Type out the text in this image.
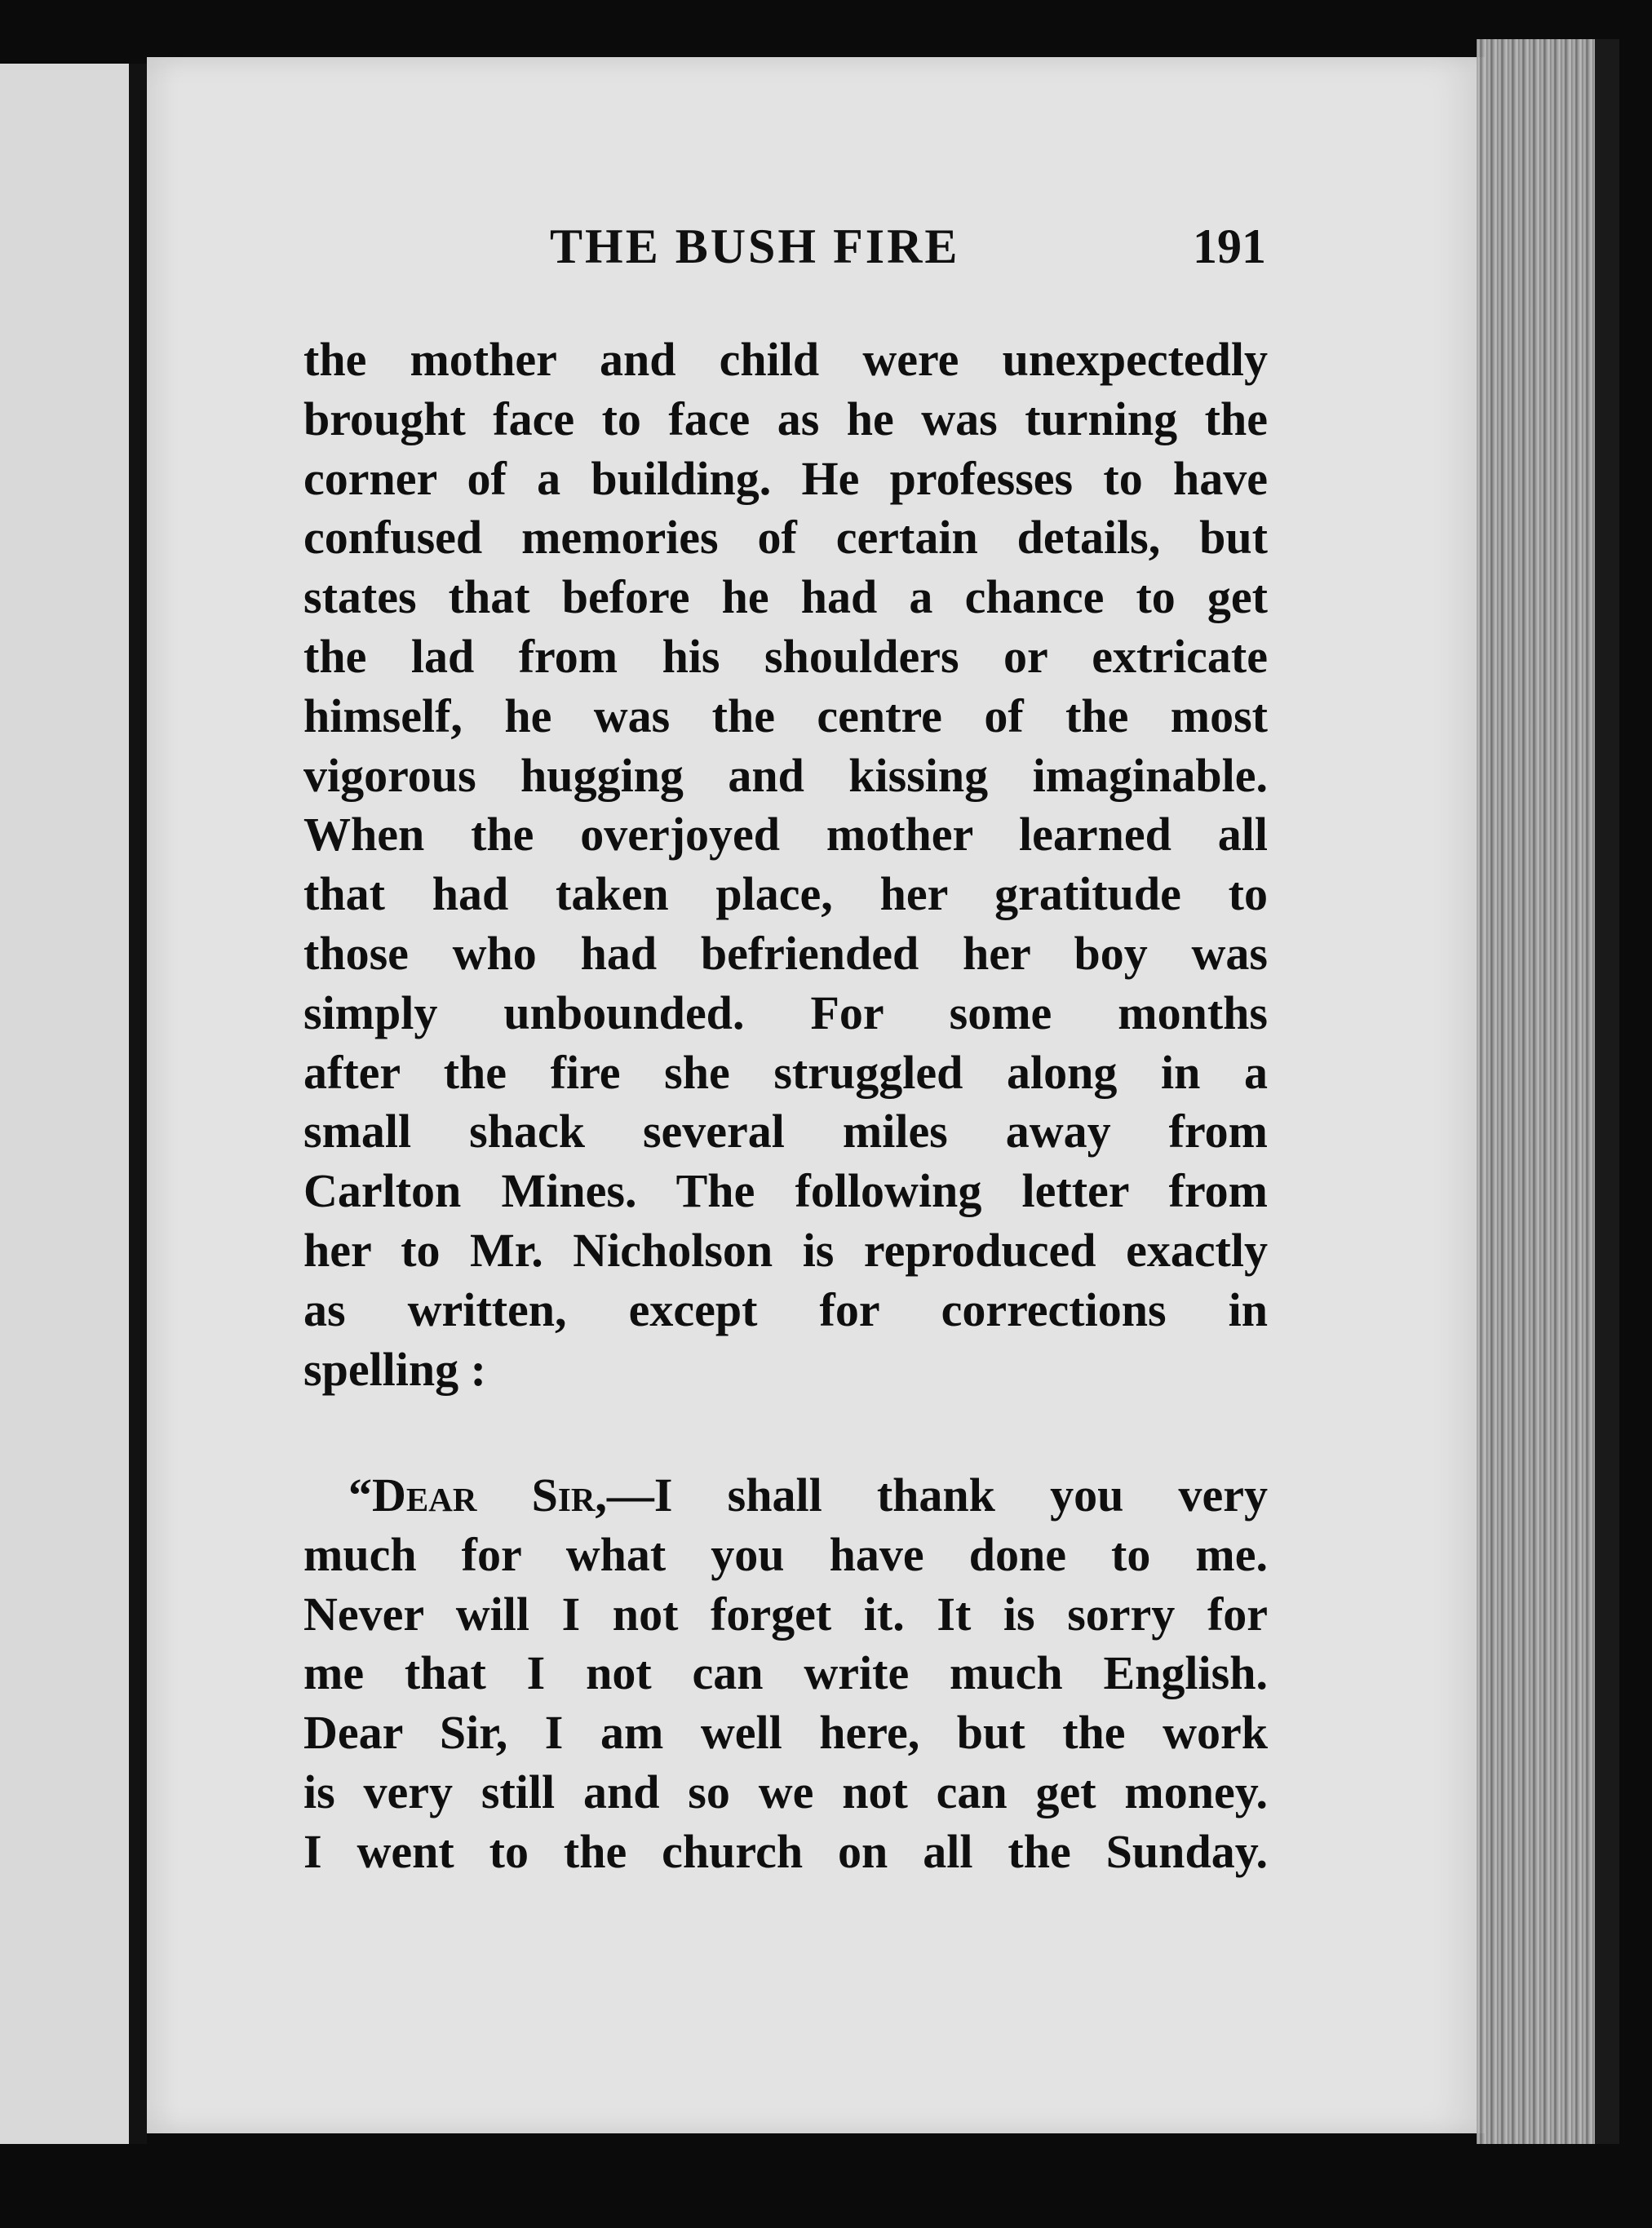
THE BUSH FIRE	191
the mother and child were unexpectedly
brought face to face as he was turning the
corner of a building. He professes to have
confused memories of certain details, but
states that before he had a chance to get
the lad from his shoulders or extricate
himself, he was the centre of the most
vigorous hugging and kissing imaginable.
When the overjoyed mother learned all
that had taken place, her gratitude to
those who had befriended her boy was
simply unbounded. For some months
after the fire she struggled along in a
small shack several miles away from
Carlton Mines. The following letter from
her to Mr. Nicholson is reproduced exactly
as written, except for corrections in
spelling :
“Dear Sir,—I shall thank you very
much for what you have done to me.
Never will I not forget it. It is sorry for
me that I not can write much English.
Dear Sir, I am well here, but the work
is very still and so we not can get money.
I went to the church on all the Sunday.
